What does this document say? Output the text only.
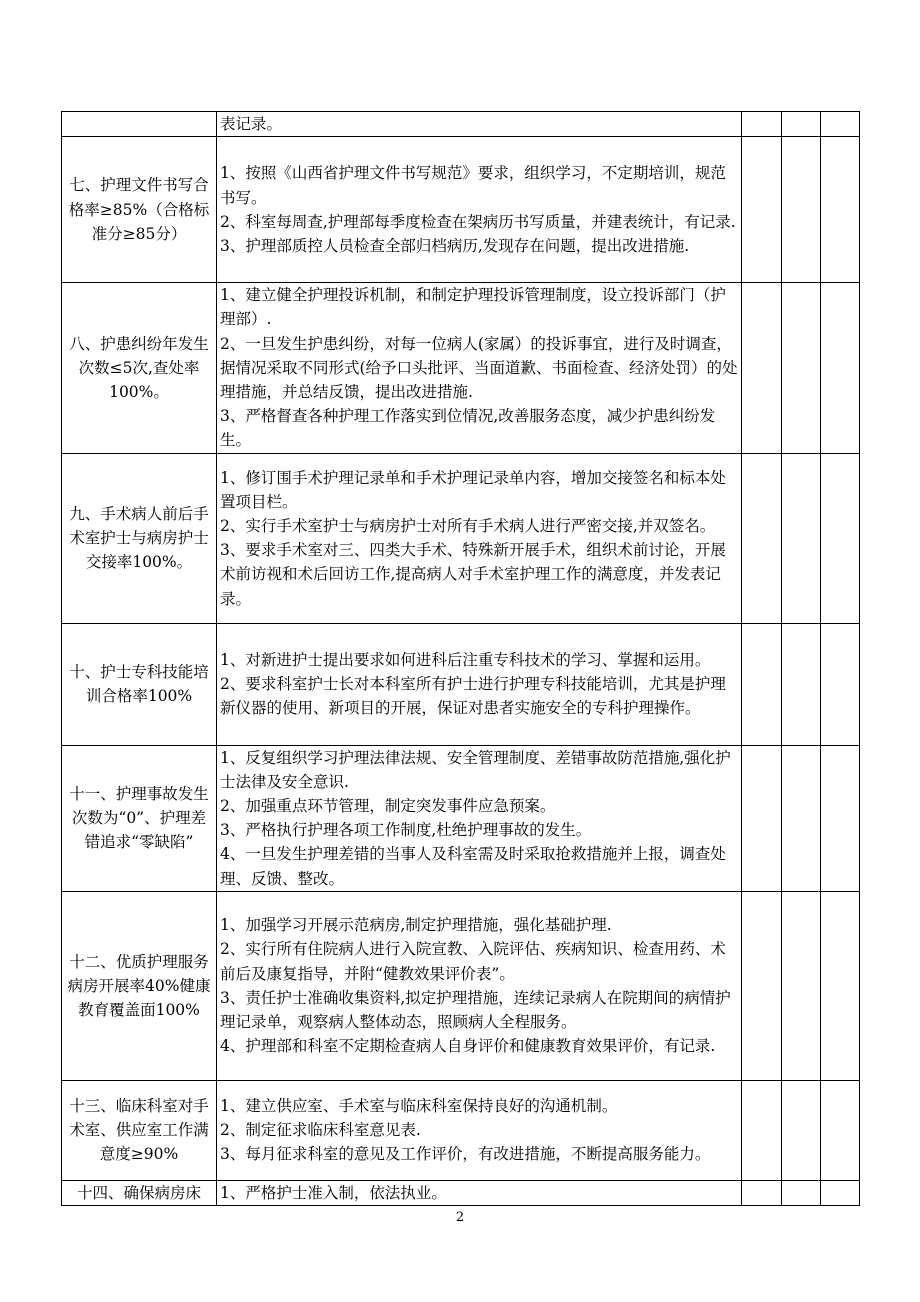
	表记录。			

七、护理文件书写合格率≥85%（合格标准分≥85分）	1、按照《山西省护理文件书写规范》要求，组织学习，不定期培训，规范书写。

2、科室每周查,护理部每季度检查在架病历书写质量，并建表统计，有记录.

3、护理部质控人员检查全部归档病历,发现存在问题，提出改进措施.			

八、护患纠纷年发生次数≤5次,查处率100%。	1、建立健全护理投诉机制，和制定护理投诉管理制度，设立投诉部门（护理部）.

2、一旦发生护患纠纷，对每一位病人(家属）的投诉事宜，进行及时调查，据情况采取不同形式(给予口头批评、当面道歉、书面检查、经济处罚）的处理措施，并总结反馈，提出改进措施.

3、严格督查各种护理工作落实到位情况,改善服务态度，减少护患纠纷发生。			

九、手术病人前后手术室护士与病房护士交接率100%。	1、修订围手术护理记录单和手术护理记录单内容，增加交接签名和标本处置项目栏。

2、实行手术室护士与病房护士对所有手术病人进行严密交接,并双签名。

3、要求手术室对三、四类大手术、特殊新开展手术，组织术前讨论，开展术前访视和术后回访工作,提高病人对手术室护理工作的满意度，并发表记录。			

十、护士专科技能培训合格率100%	1、对新进护士提出要求如何进科后注重专科技术的学习、掌握和运用。

2、要求科室护士长对本科室所有护士进行护理专科技能培训，尤其是护理新仪器的使用、新项目的开展，保证对患者实施安全的专科护理操作。			

十一、护理事故发生次数为“0”、护理差错追求“零缺陷”	1、反复组织学习护理法律法规、安全管理制度、差错事故防范措施,强化护士法律及安全意识.

2、加强重点环节管理，制定突发事件应急预案。

3、严格执行护理各项工作制度,杜绝护理事故的发生。

4、一旦发生护理差错的当事人及科室需及时采取抢救措施并上报，调查处理、反馈、整改。			

十二、优质护理服务病房开展率40%健康教育覆盖面100%	1、加强学习开展示范病房,制定护理措施，强化基础护理.

2、实行所有住院病人进行入院宣教、入院评估、疾病知识、检查用药、术前后及康复指导，并附“健教效果评价表”。

3、责任护士准确收集资料,拟定护理措施，连续记录病人在院期间的病情护理记录单，观察病人整体动态，照顾病人全程服务。

4、护理部和科室不定期检查病人自身评价和健康教育效果评价，有记录.			

十三、临床科室对手术室、供应室工作满意度≥90%	1、建立供应室、手术室与临床科室保持良好的沟通机制。

2、制定征求临床科室意见表.

3、每月征求科室的意见及工作评价，有改进措施，不断提高服务能力。			

十四、确保病房床	1、严格护士准入制，依法执业。			

2
